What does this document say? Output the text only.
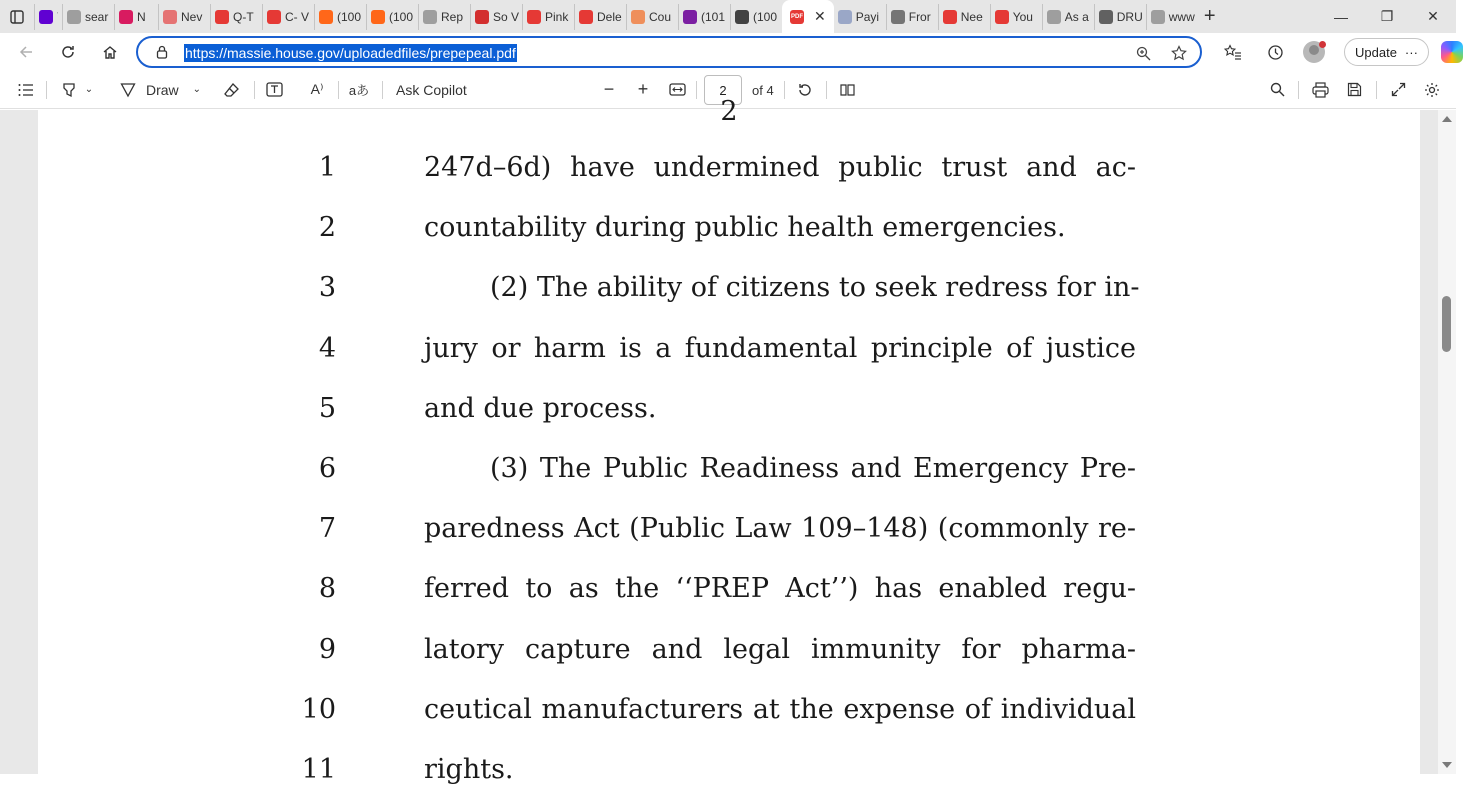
sear N	Nev	Q-T	C- V (100 (100 Rep So V Pink Dele Cou (101 (100 PDF ✕	Payi Fror	Nee You	As a DRU www +	— ❐ ✕
https://massie.house.gov/uploadedfiles/prepepeal.pdf	Update ···
⌄	Draw ⌄	A⁾ aあ Ask Copilot	− +
2	of 4
2
1	247d–6d) have undermined public trust and ac-
2	countability during public health emergencies.
3	(2) The ability of citizens to seek redress for in-
4	jury or harm is a fundamental principle of justice
5	and due process.
6	(3) The Public Readiness and Emergency Pre-
7	paredness Act (Public Law 109–148) (commonly re-
8	ferred to as the ‘‘PREP Act’’) has enabled regu-
9	latory capture and legal immunity for pharma-
10	ceutical manufacturers at the expense of individual
11	rights.
